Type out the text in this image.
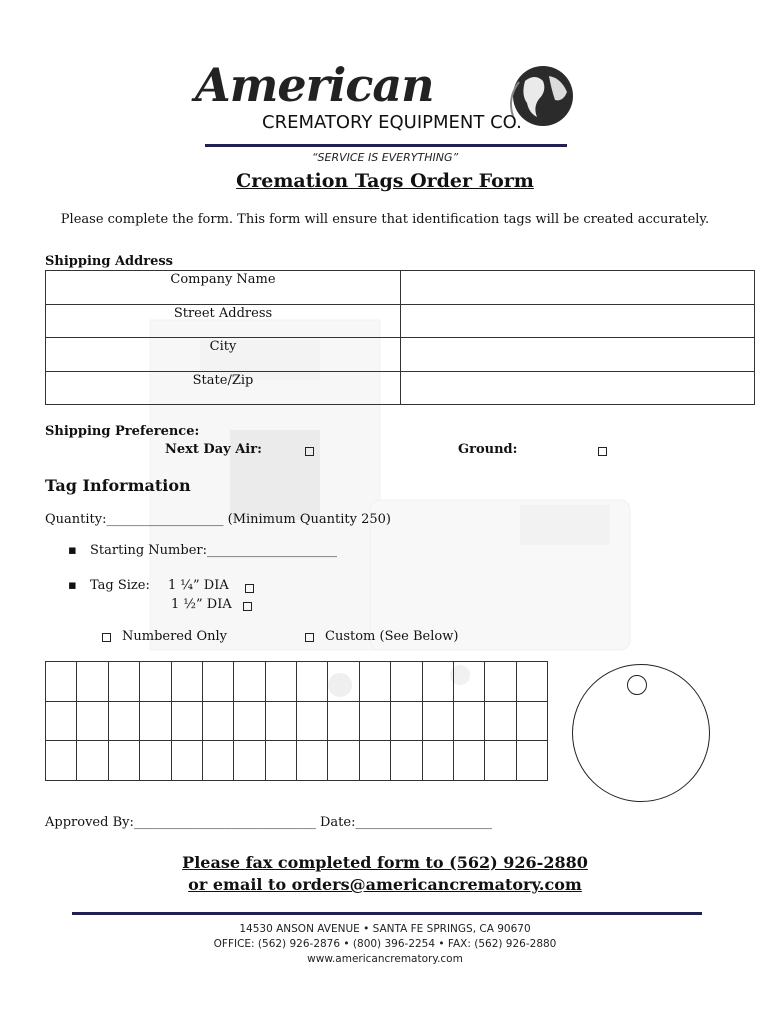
American
CREMATORY EQUIPMENT CO.
“SERVICE IS EVERYTHING”
Cremation Tags Order Form
Please complete the form. This form will ensure that identification tags will be created accurately.
Shipping Address
Company Name	
Street Address	
City	
State/Zip	
Shipping Preference:
Next Day Air:	Ground:
Tag Information
Quantity:__________________ (Minimum Quantity 250)
▪ Starting Number:____________________
▪ Tag Size: 1 ¼” DIA
1 ½” DIA
Numbered Only	Custom (See Below)

Approved By:____________________________ Date:_____________________
Please fax completed form to (562) 926-2880
or email to orders@americancrematory.com
14530 ANSON AVENUE • SANTA FE SPRINGS, CA 90670
OFFICE: (562) 926-2876 • (800) 396-2254 • FAX: (562) 926-2880
www.americancrematory.com
